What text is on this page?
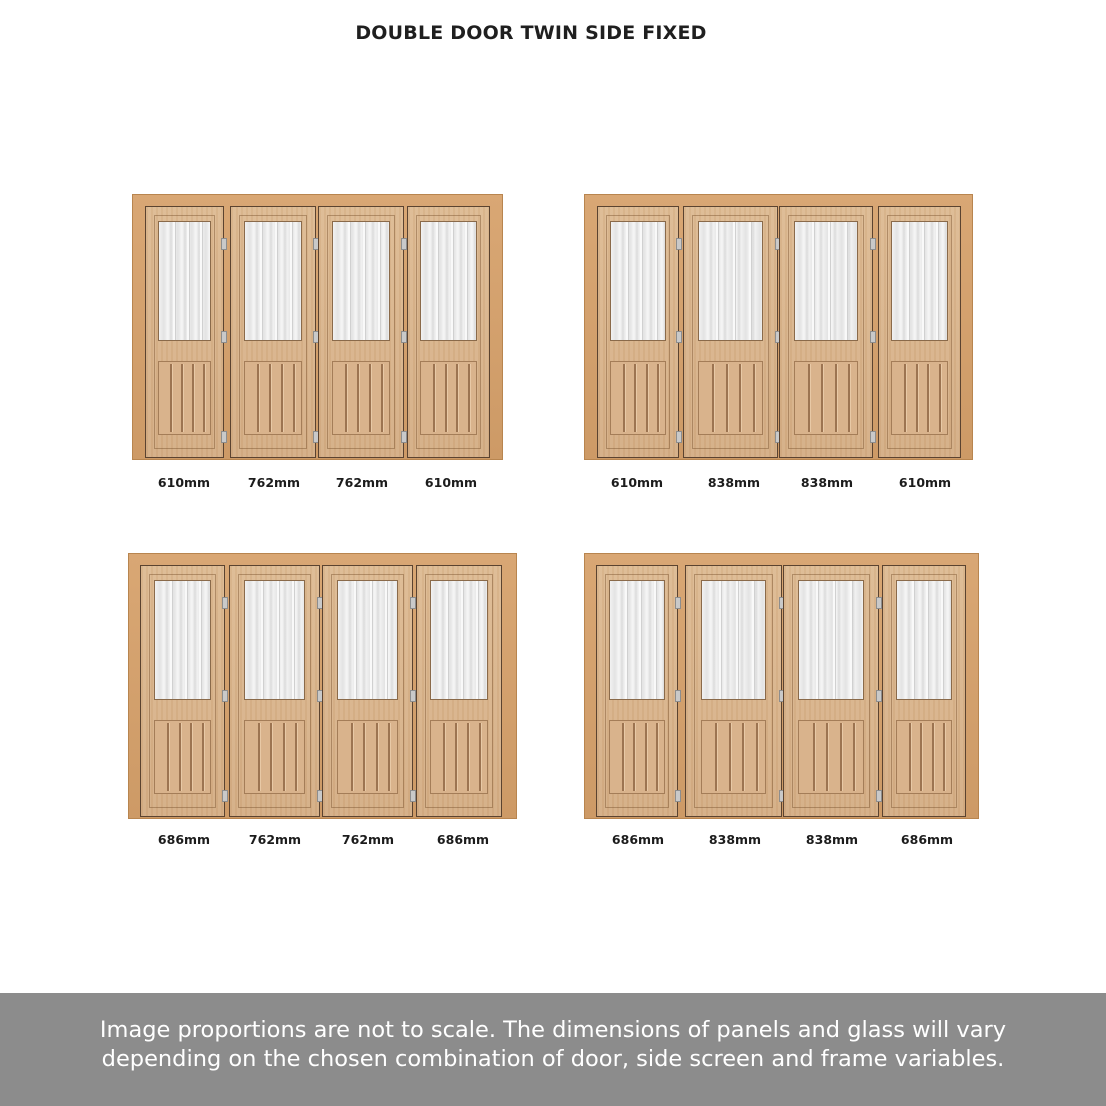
DOUBLE DOOR TWIN SIDE FIXED
610mm	762mm	762mm	610mm	610mm	838mm	838mm	610mm
686mm	762mm	762mm	686mm	686mm	838mm	838mm	686mm
Image proportions are not to scale. The dimensions of panels and glass will vary
depending on the chosen combination of door, side screen and frame variables.
